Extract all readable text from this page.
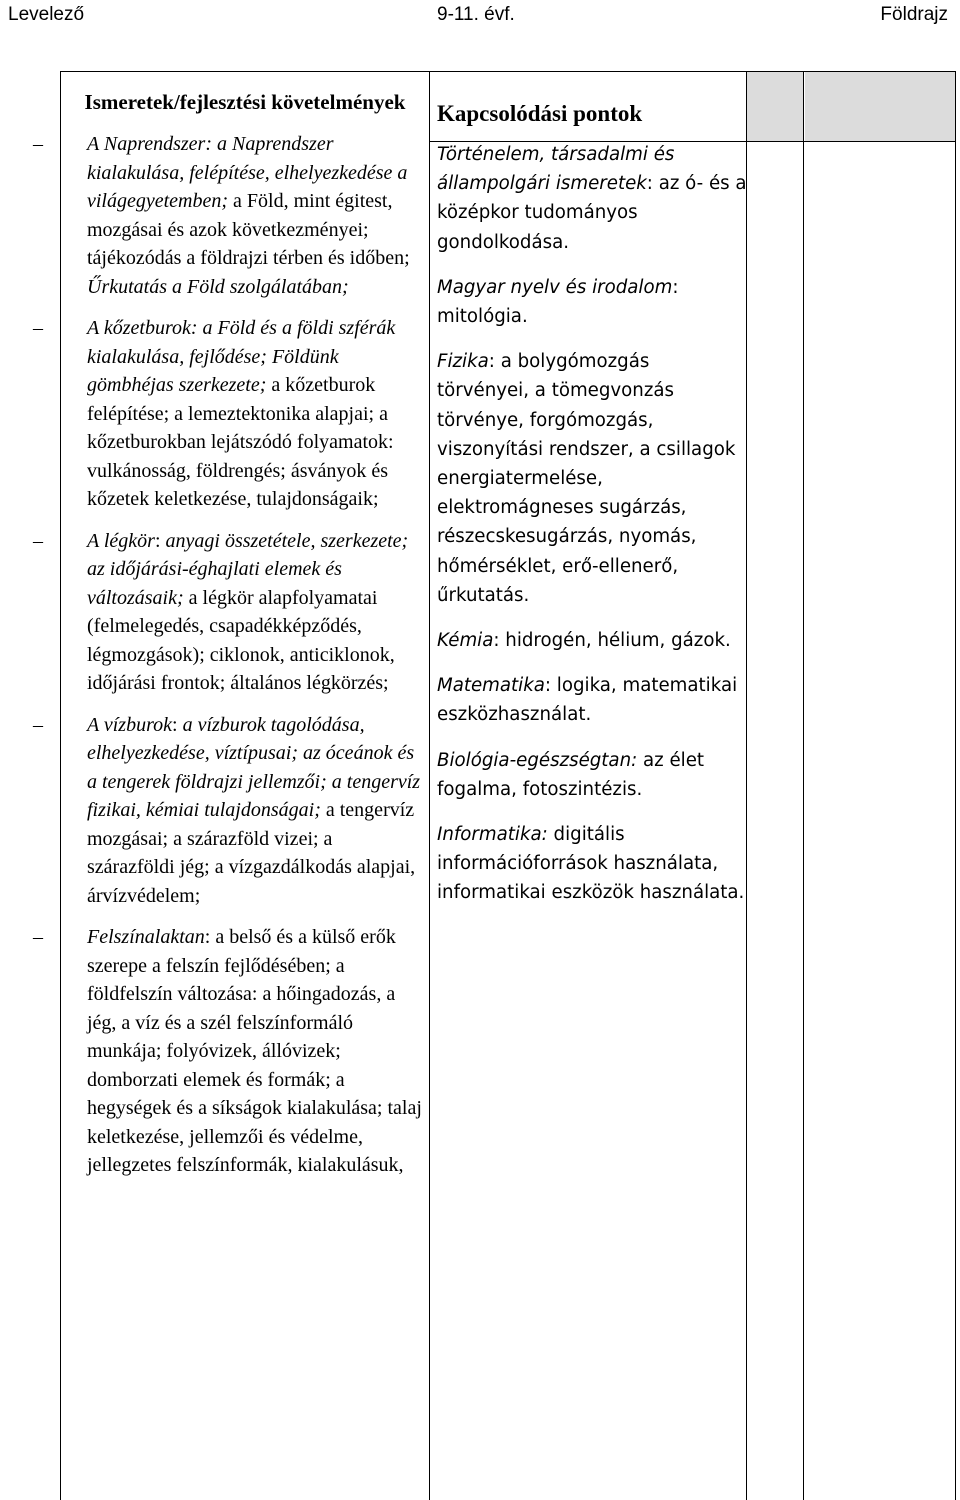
Levelező	9-11. évf.	Földrajz
Ismeretek/fejlesztési követelmények
–	A Naprendszer: a Naprendszer kialakulása, felépítése, elhelyezkedése a világegyetemben; a Föld, mint égitest, mozgásai és azok következményei; tájékozódás a földrajzi térben és időben; Űrkutatás a Föld szolgálatában;
–	A kőzetburok: a Föld és a földi szférák kialakulása, fejlődése; Földünk gömbhéjas szerkezete; a kőzetburok felépítése; a lemeztektonika alapjai; a kőzetburokban lejátszódó folyamatok: vulkánosság, földrengés; ásványok és kőzetek keletkezése, tulajdonságaik;
–	A légkör: anyagi összetétele, szerkezete; az időjárási-éghajlati elemek és változásaik; a légkör alapfolyamatai (felmelegedés, csapadékképződés, légmozgások); ciklonok, anticiklonok, időjárási frontok; általános légkörzés;
–	A vízburok: a vízburok tagolódása, elhelyezkedése, víztípusai; az óceánok és a tengerek földrajzi jellemzői; a tengervíz fizikai, kémiai tulajdonságai; a tengervíz mozgásai; a szárazföld vizei; a szárazföldi jég; a vízgazdálkodás alapjai, árvízvédelem;
–	Felszínalaktan: a belső és a külső erők szerepe a felszín fejlődésében; a földfelszín változása: a hőingadozás, a jég, a víz és a szél felszínformáló munkája; folyóvizek, állóvizek; domborzati elemek és formák; a hegységek és a síkságok kialakulása; talaj keletkezése, jellemzői és védelme, jellegzetes felszínformák, kialakulásuk,
Kapcsolódási pontok
Történelem, társadalmi és állampolgári ismeretek: az ó- és a középkor tudományos gondolkodása.
Magyar nyelv és irodalom: mitológia.
Fizika: a bolygómozgás törvényei, a tömegvonzás törvénye, forgómozgás, viszonyítási rendszer, a csillagok energiatermelése, elektromágneses sugárzás, részecskesugárzás, nyomás, hőmérséklet, erő-ellenerő, űrkutatás.
Kémia: hidrogén, hélium, gázok.
Matematika: logika, matematikai eszközhasználat.
Biológia-egészségtan: az élet fogalma, fotoszintézis.
Informatika: digitális információforrások használata, informatikai eszközök használata.
